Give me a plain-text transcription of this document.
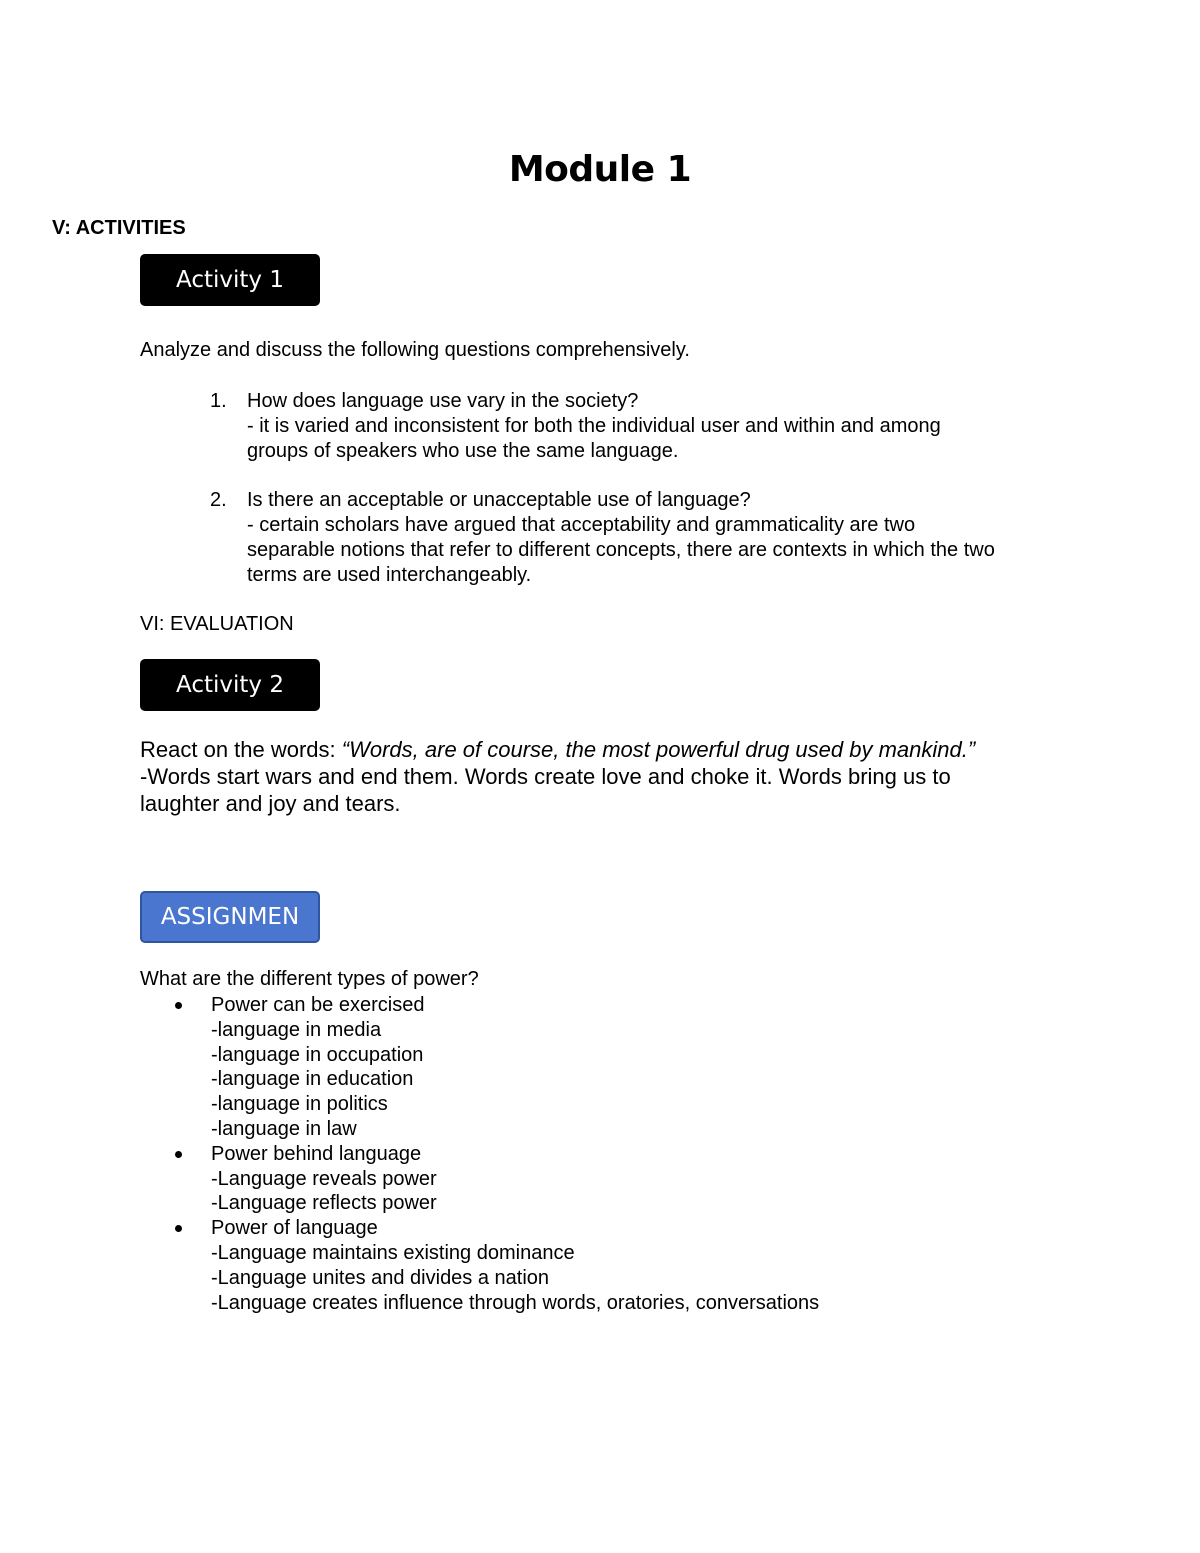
Module 1
V: ACTIVITIES
Activity 1
Analyze and discuss the following questions comprehensively.
1. How does language use vary in the society?
- it is varied and inconsistent for both the individual user and within and among
groups of speakers who use the same language.
2. Is there an acceptable or unacceptable use of language?
- certain scholars have argued that acceptability and grammaticality are two
separable notions that refer to different concepts, there are contexts in which the two
terms are used interchangeably.
VI: EVALUATION
Activity 2
React on the words: “Words, are of course, the most powerful drug used by mankind.”
-Words start wars and end them. Words create love and choke it. Words bring us to
laughter and joy and tears.
ASSIGNMEN
What are the different types of power?
Power can be exercised
-language in media
-language in occupation
-language in education
-language in politics
-language in law
Power behind language
-Language reveals power
-Language reflects power
Power of language
-Language maintains existing dominance
-Language unites and divides a nation
-Language creates influence through words, oratories, conversations
